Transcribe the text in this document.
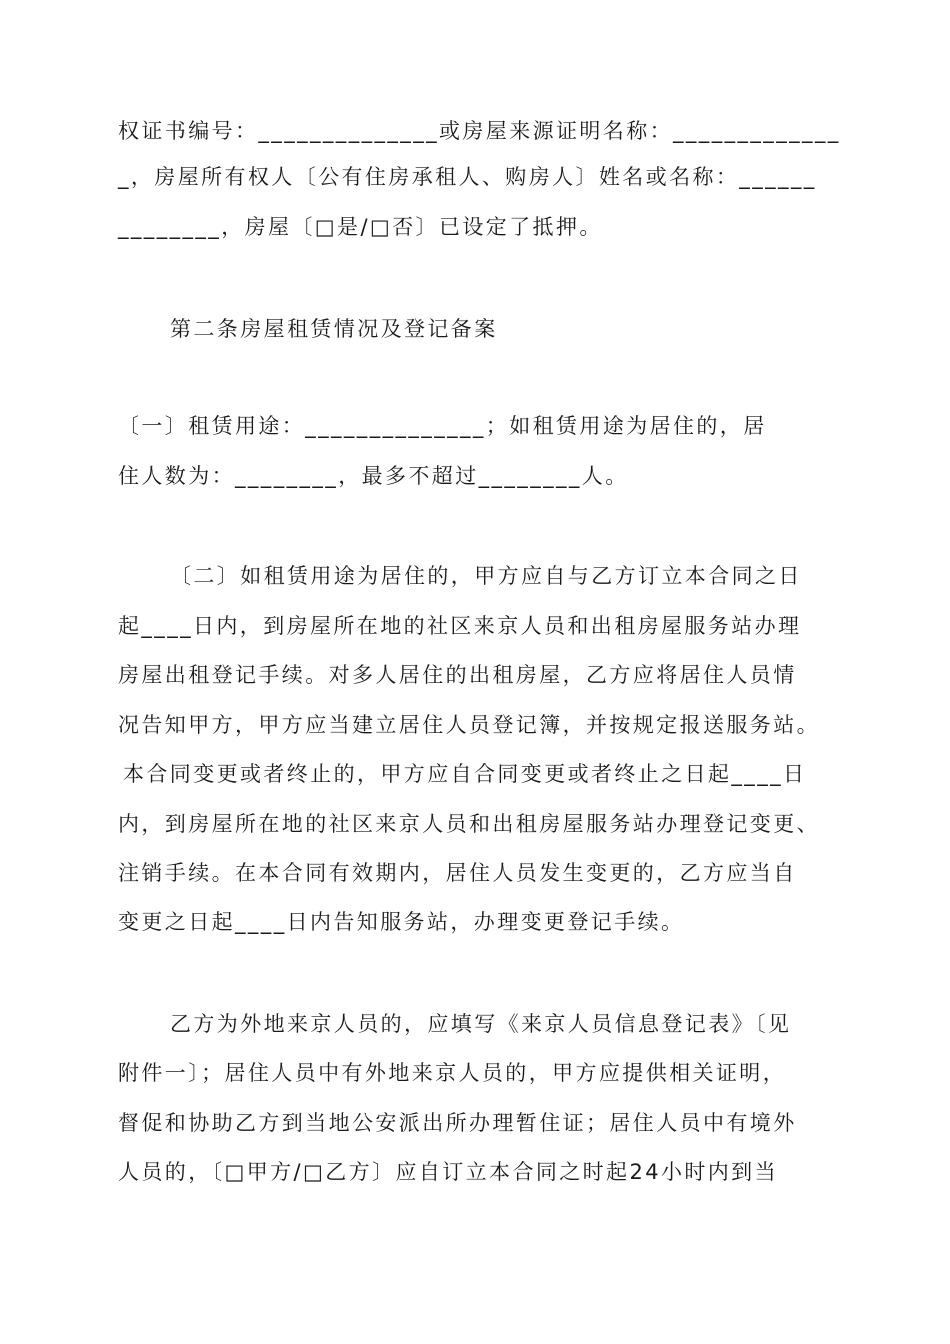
权证书编号：______________或房屋来源证明名称：_____________
_，房屋所有权人〔公有住房承租人、购房人〕姓名或名称：______
________，房屋〔□是/□否〕已设定了抵押。
第二条房屋租赁情况及登记备案
〔一〕租赁用途：______________；如租赁用途为居住的，居
住人数为：________，最多不超过________人。
〔二〕如租赁用途为居住的，甲方应自与乙方订立本合同之日
起____日内，到房屋所在地的社区来京人员和出租房屋服务站办理
房屋出租登记手续。对多人居住的出租房屋，乙方应将居住人员情
况告知甲方，甲方应当建立居住人员登记簿，并按规定报送服务站。
本合同变更或者终止的，甲方应自合同变更或者终止之日起____日
内，到房屋所在地的社区来京人员和出租房屋服务站办理登记变更、
注销手续。在本合同有效期内，居住人员发生变更的，乙方应当自
变更之日起____日内告知服务站，办理变更登记手续。
乙方为外地来京人员的，应填写《来京人员信息登记表》〔见
附件一〕；居住人员中有外地来京人员的，甲方应提供相关证明，
督促和协助乙方到当地公安派出所办理暂住证；居住人员中有境外
人员的，〔□甲方/□乙方〕应自订立本合同之时起24小时内到当
